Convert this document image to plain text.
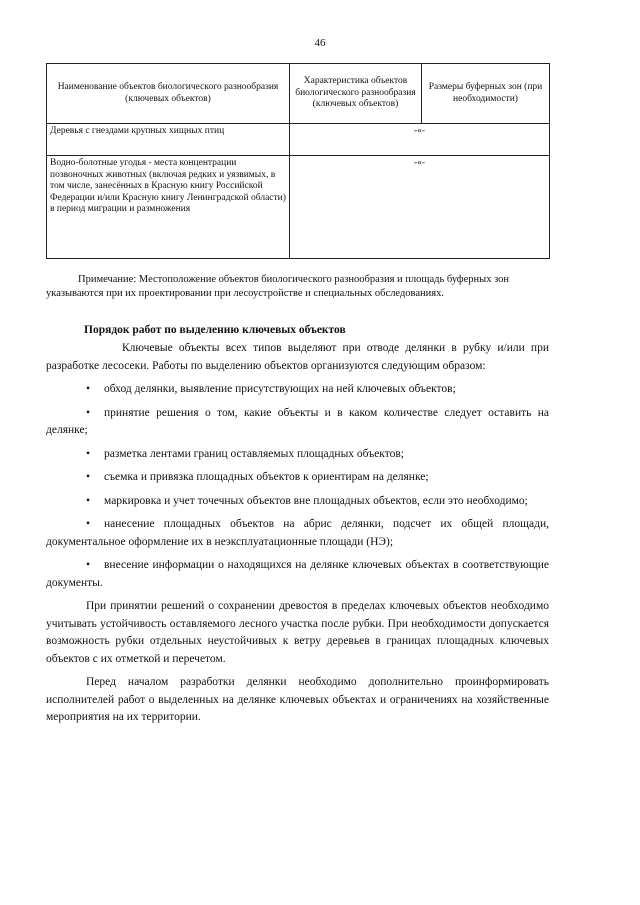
46
Наименование объектов биологического разнообразия (ключевых объектов)	Характеристика объектов биологического разнообразия (ключевых объектов)	Размеры буферных зон (при необходимости)
Деревья с гнездами крупных хищных птиц	-«-	
Водно-болотные угодья - места концентрации позвоночных животных (включая редких и уязвимых, в том числе, занесённых в Красную книгу Российской Федерации и/или Красную книгу Ленинградской области) в период миграции и размножения	-«-	

Примечание: Местоположение объектов биологического разнообразия и площадь буферных зон указываются при их проектировании при лесоустройстве и специальных обследованиях.

Порядок работ по выделению ключевых объектов

Ключевые объекты всех типов выделяют при отводе делянки в рубку и/или при разработке лесосеки. Работы по выделению объектов организуются следующим образом:

• обход делянки, выявление присутствующих на ней ключевых объектов;

• принятие решения о том, какие объекты и в каком количестве следует оставить на делянке;

• разметка лентами границ оставляемых площадных объектов;

• съемка и привязка площадных объектов к ориентирам на делянке;

• маркировка и учет точечных объектов вне площадных объектов, если это необходимо;

• нанесение площадных объектов на абрис делянки, подсчет их общей площади, документальное оформление их в неэксплуатационные площади (НЭ);

• внесение информации о находящихся на делянке ключевых объектах в соответствующие документы.

При принятии решений о сохранении древостоя в пределах ключевых объектов необходимо учитывать устойчивость оставляемого лесного участка после рубки. При необходимости допускается возможность рубки отдельных неустойчивых к ветру деревьев в границах площадных ключевых объектов с их отметкой и перечетом.

Перед началом разработки делянки необходимо дополнительно проинформировать исполнителей работ о выделенных на делянке ключевых объектах и ограничениях на хозяйственные мероприятия на их территории.
